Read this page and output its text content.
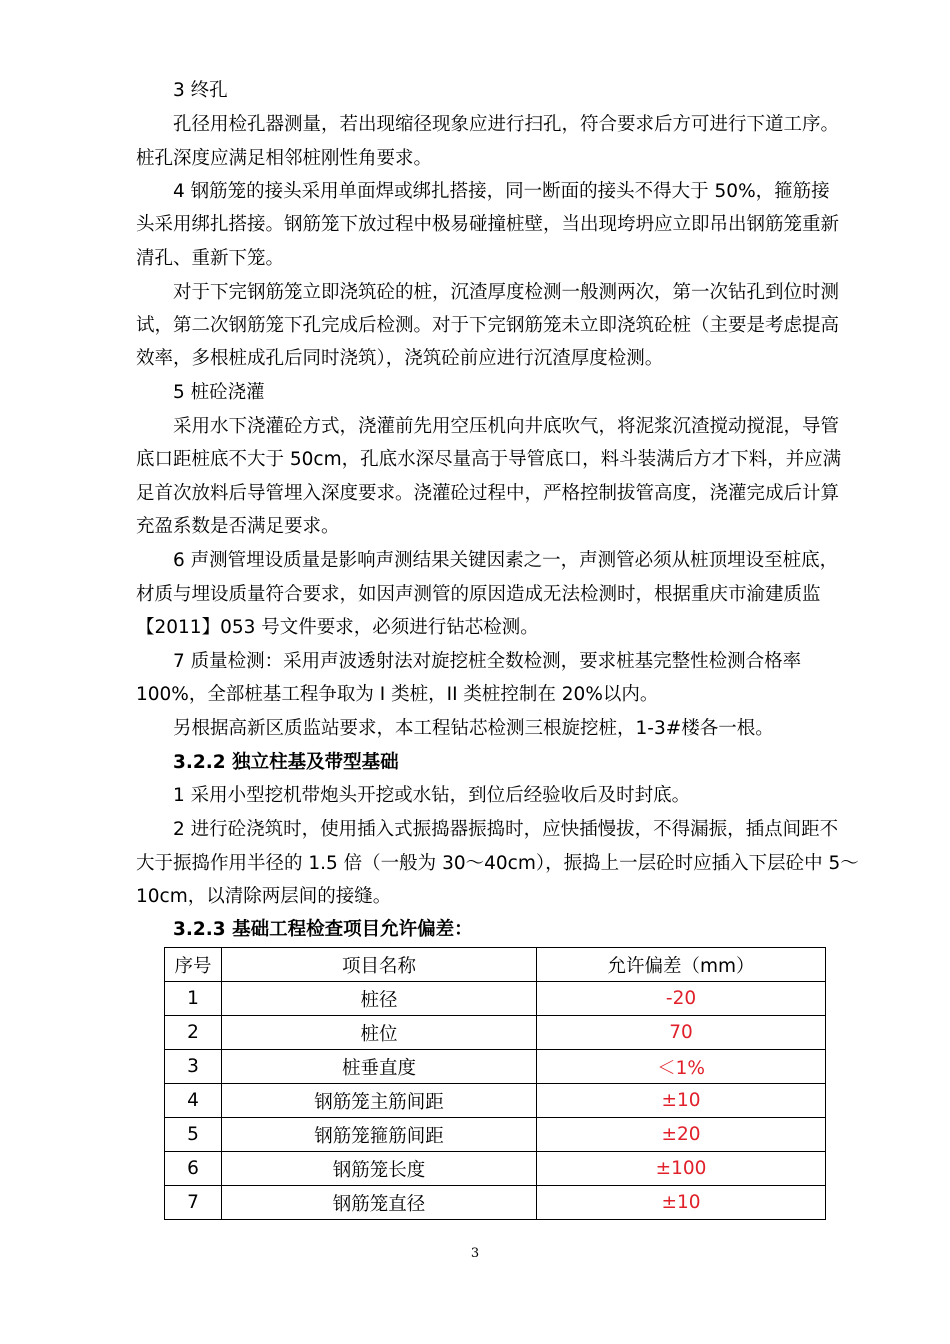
3 终孔
孔径用检孔器测量，若出现缩径现象应进行扫孔，符合要求后方可进行下道工序。
桩孔深度应满足相邻桩刚性角要求。
4 钢筋笼的接头采用单面焊或绑扎搭接，同一断面的接头不得大于 50%，箍筋接
头采用绑扎搭接。钢筋笼下放过程中极易碰撞桩壁，当出现垮坍应立即吊出钢筋笼重新
清孔、重新下笼。
对于下完钢筋笼立即浇筑砼的桩，沉渣厚度检测一般测两次，第一次钻孔到位时测
试，第二次钢筋笼下孔完成后检测。对于下完钢筋笼未立即浇筑砼桩（主要是考虑提高
效率，多根桩成孔后同时浇筑），浇筑砼前应进行沉渣厚度检测。
5 桩砼浇灌
采用水下浇灌砼方式，浇灌前先用空压机向井底吹气，将泥浆沉渣搅动搅混，导管
底口距桩底不大于 50cm，孔底水深尽量高于导管底口，料斗装满后方才下料，并应满
足首次放料后导管埋入深度要求。浇灌砼过程中，严格控制拔管高度，浇灌完成后计算
充盈系数是否满足要求。
6 声测管埋设质量是影响声测结果关键因素之一，声测管必须从桩顶埋设至桩底，
材质与埋设质量符合要求，如因声测管的原因造成无法检测时，根据重庆市渝建质监
【2011】053 号文件要求，必须进行钻芯检测。
7 质量检测：采用声波透射法对旋挖桩全数检测，要求桩基完整性检测合格率
100%，全部桩基工程争取为 I 类桩，II 类桩控制在 20%以内。
另根据高新区质监站要求，本工程钻芯检测三根旋挖桩，1-3#楼各一根。
3.2.2 独立柱基及带型基础
1 采用小型挖机带炮头开挖或水钻，到位后经验收后及时封底。
2 进行砼浇筑时，使用插入式振捣器振捣时，应快插慢拔，不得漏振，插点间距不
大于振捣作用半径的 1.5 倍（一般为 30～40cm），振捣上一层砼时应插入下层砼中 5～
10cm，以清除两层间的接缝。
3.2.3 基础工程检查项目允许偏差：
序号	项目名称	允许偏差（mm）
1	桩径	-20
2	桩位	70
3	桩垂直度	＜1%
4	钢筋笼主筋间距	±10
5	钢筋笼箍筋间距	±20
6	钢筋笼长度	±100
7	钢筋笼直径	±10
3
